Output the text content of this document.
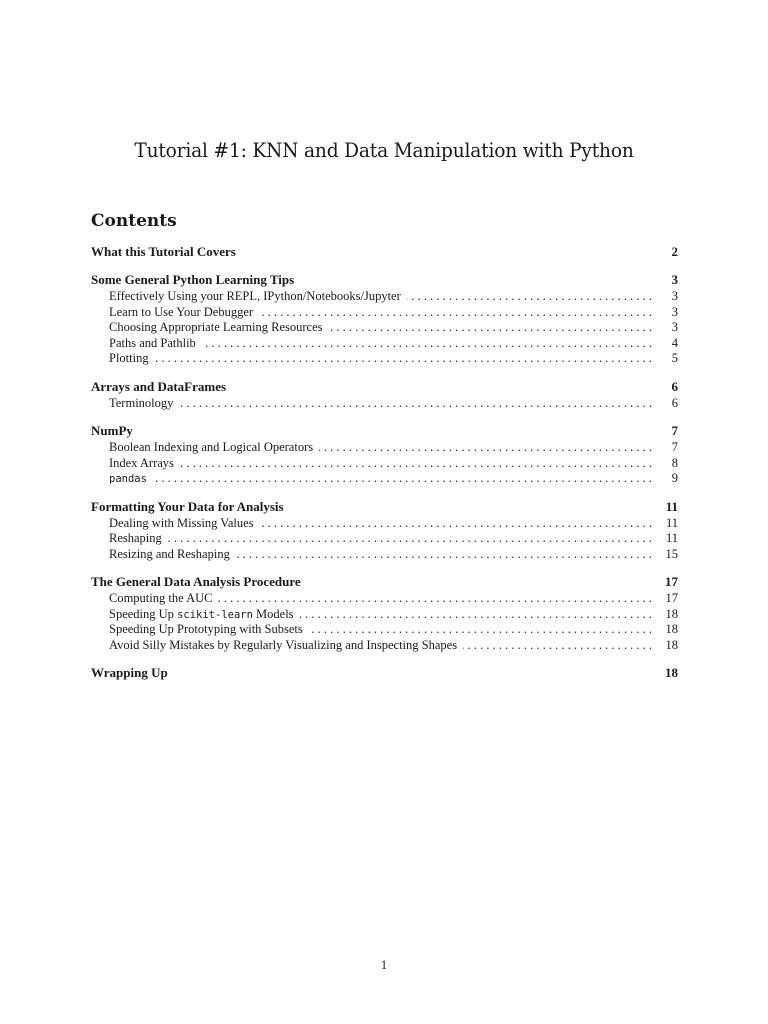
Tutorial #1: KNN and Data Manipulation with Python
Contents
What this Tutorial Covers	2
Some General Python Learning Tips	3
Effectively Using your REPL, IPython/Notebooks/Jupyter . . .	3
Learn to Use Your Debugger . . .	3
Choosing Appropriate Learning Resources . . .	3
Paths and Pathlib . . .	4
Plotting . . .	5
Arrays and DataFrames	6
Terminology . . .	6
NumPy	7
Boolean Indexing and Logical Operators . . .	7
Index Arrays . . .	8
pandas . . .	9
Formatting Your Data for Analysis	11
Dealing with Missing Values . . .	11
Reshaping . . .	11
Resizing and Reshaping . . .	15
The General Data Analysis Procedure	17
Computing the AUC . . .	17
Speeding Up scikit-learn Models . . .	18
Speeding Up Prototyping with Subsets . . .	18
Avoid Silly Mistakes by Regularly Visualizing and Inspecting Shapes . . .	18
Wrapping Up	18
1
